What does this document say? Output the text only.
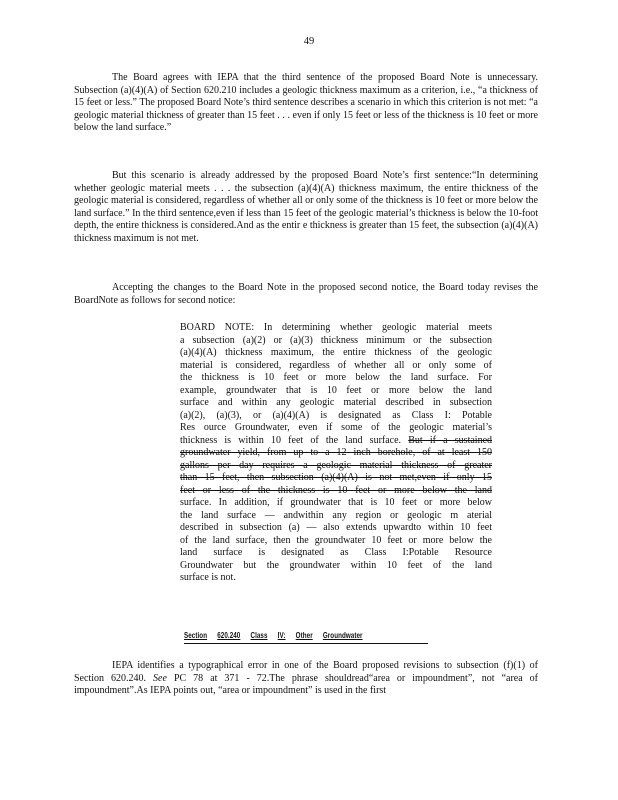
49

The Board agrees with IEPA that the third sentence of the proposed Board Note is unnecessary. Subsection (a)(4)(A) of Section 620.210 includes a geologic thickness maximum as a criterion, i.e., “a thickness of 15 feet or less.” The proposed Board Note’s third sentence describes a scenario in which this criterion is not met: “a geologic material thickness of greater than 15 feet . . . even if only 15 feet or less of the thickness is 10 feet or more below the land surface.”

But this scenario is already addressed by the proposed Board Note’s first sentence:“In determining whether geologic material meets . . . the subsection (a)(4)(A) thickness maximum, the entire thickness of the geologic material is considered, regardless of whether all or only some of the thickness is 10 feet or more below the land surface.” In the third sentence,even if less than 15 feet of the geologic material’s thickness is below the 10-foot depth, the entire thickness is considered.And as the entir e thickness is greater than 15 feet, the subsection (a)(4)(A) thickness maximum is not met.

Accepting the changes to the Board Note in the proposed second notice, the Board today revises the BoardNote as follows for second notice:

BOARD NOTE: In determining whether geologic material meets
a subsection (a)(2) or (a)(3) thickness minimum or the subsection
(a)(4)(A) thickness maximum, the entire thickness of the geologic
material is considered, regardless of whether all or only some of
the thickness is 10 feet or more below the land surface. For
example, groundwater that is 10 feet or more below the land
surface and within any geologic material described in subsection
(a)(2), (a)(3), or (a)(4)(A) is designated as Class I: Potable
Res ource Groundwater, even if some of the geologic material’s
thickness is within 10 feet of the land surface. But if a sustained
groundwater yield, from up to a 12 inch borehole, of at least 150
gallons per day requires a geologic material thickness of greater
than 15 feet, then subsection (a)(4)(A) is not met,even if only 15
feet or less of the thickness is 10 feet or more below the land
surface. In addition, if groundwater that is 10 feet or more below
the land surface — andwithin any region or geologic m aterial
described in subsection (a) — also extends upwardto within 10 feet
of the land surface, then the groundwater 10 feet or more below the
land surface is designated as Class I:Potable Resource
Groundwater but the groundwater within 10 feet of the land
surface is not.
Section 620.240 Class IV: Other Groundwater

IEPA identifies a typographical error in one of the Board proposed revisions to subsection (f)(1) of Section 620.240. See PC 78 at 371 - 72.The phrase shouldread“area or impoundment”, not “area of impoundment”.As IEPA points out, “area or impoundment” is used in the first
